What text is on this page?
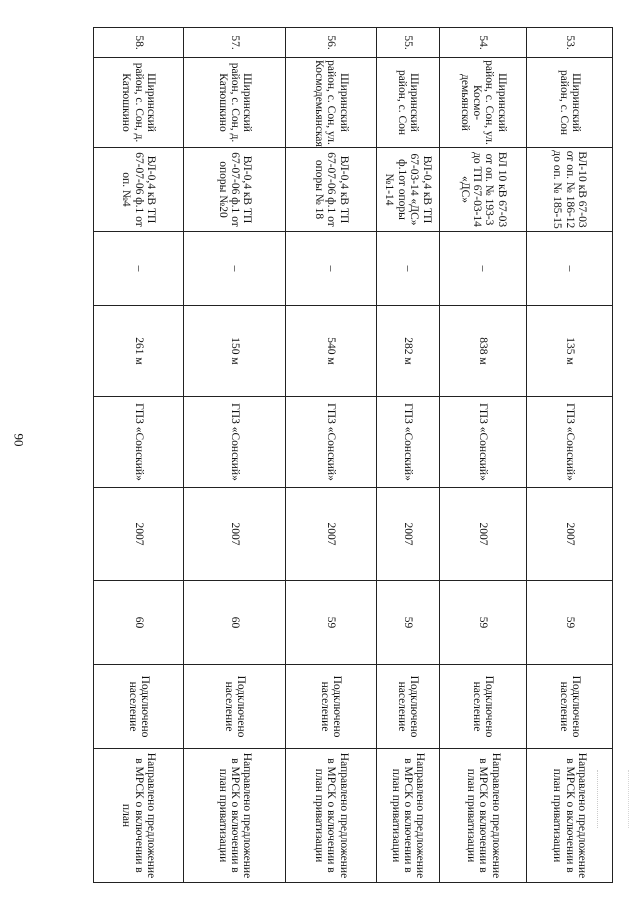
90
53.	Ширинский район, с. Сон	ВЛ-10 кВ 67-03 от оп. № 186-12 до оп. № 185-15	–	135 м	ГПЗ «Сонский»	2007	59	Подключено население	Направлено предложение в МРСК о включении в план приватизации
54.	Ширинский район, с. Сон, ул. Космо-демьянской	ВЛ 10 кВ 67-03 от оп. № 193-3 до ТП 67-03-14 «ДС»	–	838 м	ГПЗ «Сонский»	2007	59	Подключено население	Направлено предложение в МРСК о включении в план приватизации
55.	Ширинский район, с. Сон	ВЛ-0,4 кВ ТП 67-03-14 «ДС» ф.1от опоры №1-14	–	282 м	ГПЗ «Сонский»	2007	59	Подключено население	Направлено предложение в МРСК о включении в план приватизации
56.	Ширинский район, с. Сон, ул. Космодемьянская	ВЛ-0,4 кВ ТП 67-07-06 ф.1 от опоры № 18	–	540 м	ГПЗ «Сонский»	2007	59	Подключено население	Направлено предложение в МРСК о включении в план приватизации
57.	Ширинский район, с. Сон, д. Катюшкино	ВЛ-0,4 кВ ТП 67-07-06 ф.1 от опоры №20	–	150 м	ГПЗ «Сонский»	2007	60	Подключено население	Направлено предложение в МРСК о включении в план приватизации
58.	Ширинский район, с. Сон, д. Катюшкино	ВЛ-0,4 кВ ТП 67-07-06 ф.1 от оп. №4	–	261 м	ГПЗ «Сонский»	2007	60	Подключено население	Направлено предложение в МРСК о включении в план
